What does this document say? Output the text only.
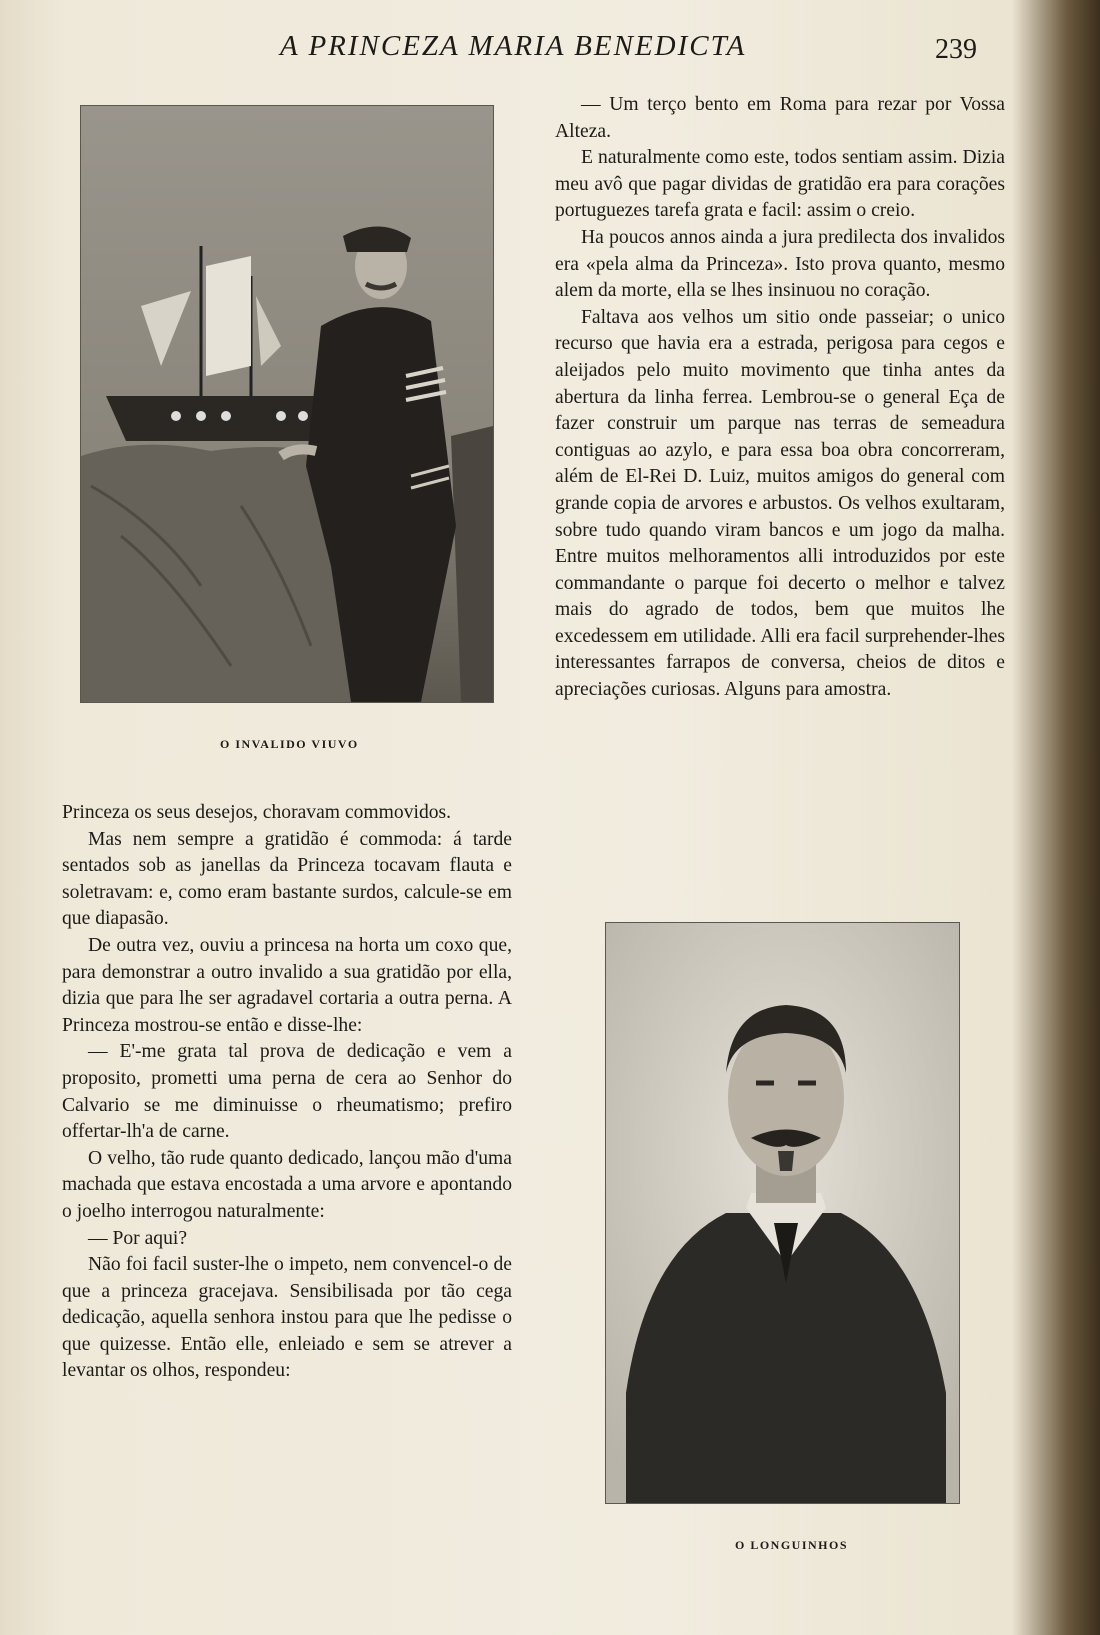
A PRINCEZA MARIA BENEDICTA	239
O INVALIDO VIUVO

Princeza os seus desejos, choravam commovidos.

Mas nem sempre a gratidão é commoda: á tarde sentados sob as janellas da Princeza tocavam flauta e soletravam: e, como eram bastante surdos, calcule-se em que diapasão.

De outra vez, ouviu a princesa na horta um coxo que, para demonstrar a outro invalido a sua gratidão por ella, dizia que para lhe ser agradavel cortaria a outra perna. A Princeza mostrou-se então e disse-lhe:

— E'-me grata tal prova de dedicação e vem a proposito, prometti uma perna de cera ao Senhor do Calvario se me diminuisse o rheumatismo; prefiro offertar-lh'a de carne.

O velho, tão rude quanto dedicado, lançou mão d'uma machada que estava encostada a uma arvore e apontando o joelho interrogou naturalmente:

— Por aqui?

Não foi facil suster-lhe o impeto, nem convencel-o de que a princeza gracejava. Sensibilisada por tão cega dedicação, aquella senhora instou para que lhe pedisse o que quizesse. Então elle, enleiado e sem se atrever a levantar os olhos, respondeu:

— Um terço bento em Roma para rezar por Vossa Alteza.

E naturalmente como este, todos sentiam assim. Dizia meu avô que pagar dividas de gratidão era para corações portuguezes tarefa grata e facil: assim o creio.

Ha poucos annos ainda a jura predilecta dos invalidos era «pela alma da Princeza». Isto prova quanto, mesmo alem da morte, ella se lhes insinuou no coração.

Faltava aos velhos um sitio onde passeiar; o unico recurso que havia era a estrada, perigosa para cegos e aleijados pelo muito movimento que tinha antes da abertura da linha ferrea. Lembrou-se o general Eça de fazer construir um parque nas terras de semeadura contiguas ao azylo, e para essa boa obra concorreram, além de El-Rei D. Luiz, muitos amigos do general com grande copia de arvores e arbustos. Os velhos exultaram, sobre tudo quando viram bancos e um jogo da malha. Entre muitos melhoramentos alli introduzidos por este commandante o parque foi decerto o melhor e talvez mais do agrado de todos, bem que muitos lhe excedessem em utilidade. Alli era facil surprehender-lhes interessantes farrapos de conversa, cheios de ditos e apreciações curiosas. Alguns para amostra.

O LONGUINHOS
